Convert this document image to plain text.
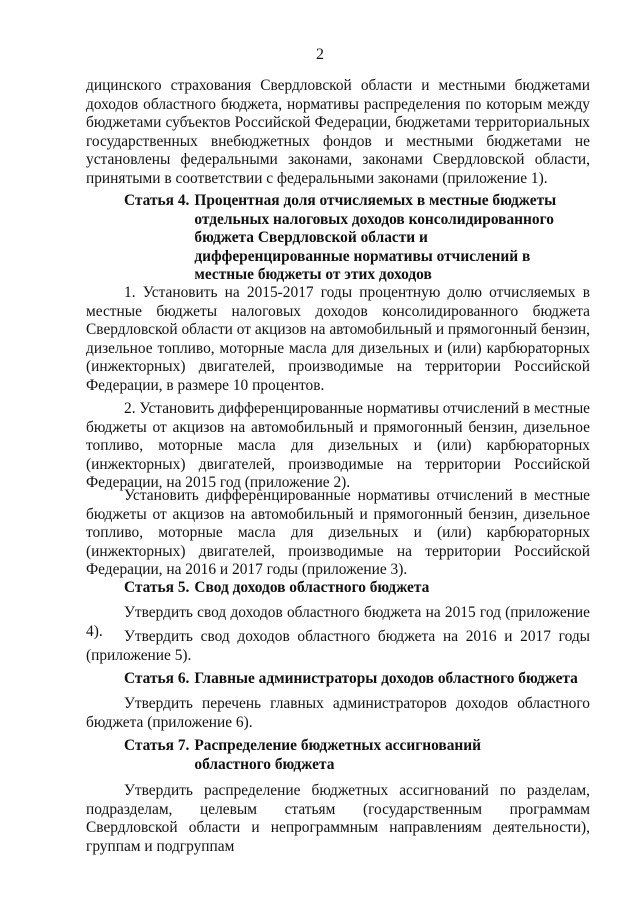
2

дицинского страхования Свердловской области и местными бюджетами доходов областного бюджета, нормативы распределения по которым между бюджетами субъектов Российской Федерации, бюджетами территориальных государственных внебюджетных фондов и местными бюджетами не установлены федеральными законами, законами Свердловской области, принятыми в соответствии с федеральными законами (приложение 1).

Статья 4. Процентная доля отчисляемых в местные бюджеты отдельных налоговых доходов консолидированного бюджета Свердловской области и дифференцированные нормативы отчислений в местные бюджеты от этих доходов

1. Установить на 2015-2017 годы процентную долю отчисляемых в местные бюджеты налоговых доходов консолидированного бюджета Свердловской области от акцизов на автомобильный и прямогонный бензин, дизельное топливо, моторные масла для дизельных и (или) карбюраторных (инжекторных) двигателей, производимые на территории Российской Федерации, в размере 10 процентов.

2. Установить дифференцированные нормативы отчислений в местные бюджеты от акцизов на автомобильный и прямогонный бензин, дизельное топливо, моторные масла для дизельных и (или) карбюраторных (инжекторных) двигателей, производимые на территории Российской Федерации, на 2015 год (приложение 2).

Установить дифференцированные нормативы отчислений в местные бюджеты от акцизов на автомобильный и прямогонный бензин, дизельное топливо, моторные масла для дизельных и (или) карбюраторных (инжекторных) двигателей, производимые на территории Российской Федерации, на 2016 и 2017 годы (приложение 3).

Статья 5. Свод доходов областного бюджета

Утвердить свод доходов областного бюджета на 2015 год (приложение 4).	Утвердить свод доходов областного бюджета на 2016 и 2017 годы (приложение 5).

Статья 6. Главные администраторы доходов областного бюджета

Утвердить перечень главных администраторов доходов областного бюджета (приложение 6).

Статья 7. Распределение бюджетных ассигнований областного бюджета

Утвердить распределение бюджетных ассигнований по разделам, подразделам, целевым статьям (государственным программам Свердловской области и непрограммным направлениям деятельности), группам и подгруппам
